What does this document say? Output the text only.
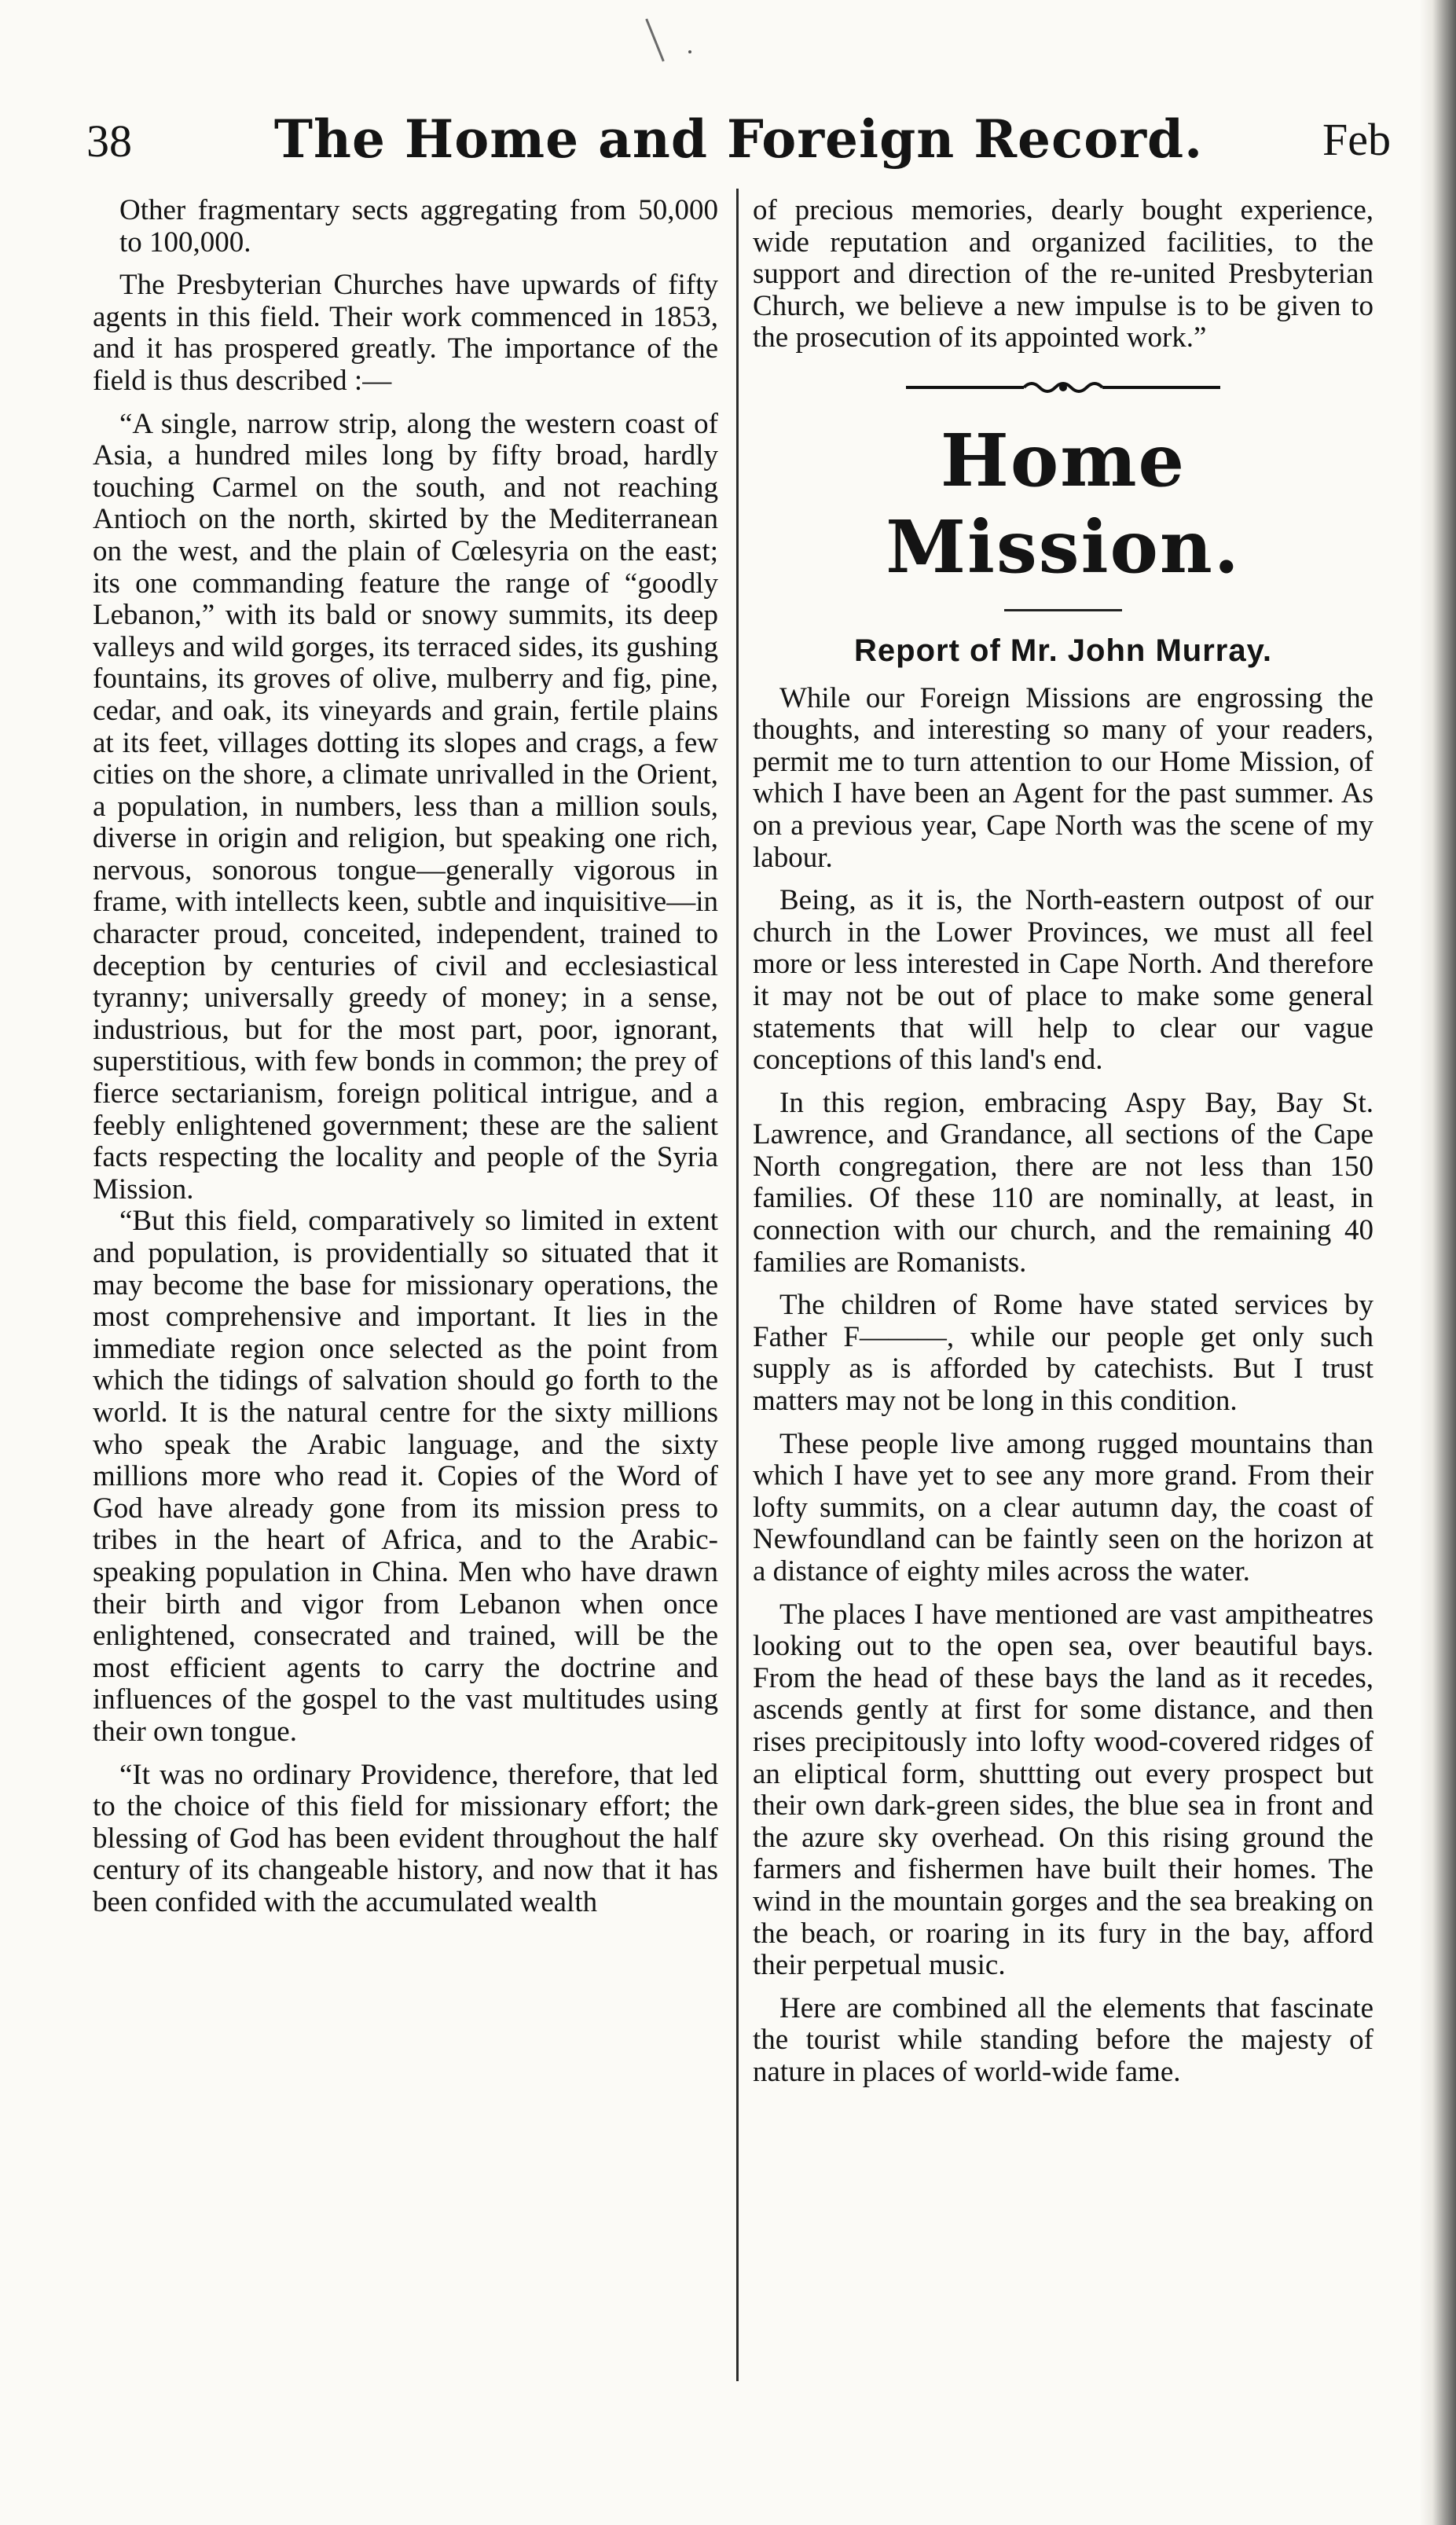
38	The Home and Foreign Record.	Feb

Other fragmentary sects aggregating from 50,000 to 100,000.

The Presbyterian Churches have upwards of fifty agents in this field. Their work commenced in 1853, and it has prospered greatly. The importance of the field is thus described :—

“A single, narrow strip, along the western coast of Asia, a hundred miles long by fifty broad, hardly touching Carmel on the south, and not reaching Antioch on the north, skirted by the Mediterranean on the west, and the plain of Cœlesyria on the east; its one commanding feature the range of “goodly Lebanon,” with its bald or snowy summits, its deep valleys and wild gorges, its terraced sides, its gushing fountains, its groves of olive, mulberry and fig, pine, cedar, and oak, its vineyards and grain, fertile plains at its feet, villages dotting its slopes and crags, a few cities on the shore, a climate unrivalled in the Orient, a population, in numbers, less than a million souls, diverse in origin and religion, but speaking one rich, nervous, sonorous tongue—generally vigorous in frame, with intellects keen, subtle and inquisitive—in character proud, conceited, independent, trained to deception by centuries of civil and ecclesiastical tyranny; universally greedy of money; in a sense, industrious, but for the most part, poor, ignorant, superstitious, with few bonds in common; the prey of fierce sectarianism, foreign political intrigue, and a feebly enlightened government; these are the salient facts respecting the locality and people of the Syria Mission.

“But this field, comparatively so limited in extent and population, is providentially so situated that it may become the base for missionary operations, the most comprehensive and important. It lies in the immediate region once selected as the point from which the tidings of salvation should go forth to the world. It is the natural centre for the sixty millions who speak the Arabic language, and the sixty millions more who read it. Copies of the Word of God have already gone from its mission press to tribes in the heart of Africa, and to the Arabic-speaking population in China. Men who have drawn their birth and vigor from Lebanon when once enlightened, consecrated and trained, will be the most efficient agents to carry the doctrine and influences of the gospel to the vast multitudes using their own tongue.

“It was no ordinary Providence, therefore, that led to the choice of this field for missionary effort; the blessing of God has been evident throughout the half century of its changeable history, and now that it has been confided with the accumulated wealth

of precious memories, dearly bought experience, wide reputation and organized facilities, to the support and direction of the re-united Presbyterian Church, we believe a new impulse is to be given to the prosecution of its appointed work.”

Home Mission.
Report of Mr. John Murray.

While our Foreign Missions are engrossing the thoughts, and interesting so many of your readers, permit me to turn attention to our Home Mission, of which I have been an Agent for the past summer. As on a previous year, Cape North was the scene of my labour.

Being, as it is, the North-eastern outpost of our church in the Lower Provinces, we must all feel more or less interested in Cape North. And therefore it may not be out of place to make some general statements that will help to clear our vague conceptions of this land's end.

In this region, embracing Aspy Bay, Bay St. Lawrence, and Grandance, all sections of the Cape North congregation, there are not less than 150 families. Of these 110 are nominally, at least, in connection with our church, and the remaining 40 families are Romanists.

The children of Rome have stated services by Father F———, while our people get only such supply as is afforded by catechists. But I trust matters may not be long in this condition.

These people live among rugged mountains than which I have yet to see any more grand. From their lofty summits, on a clear autumn day, the coast of Newfoundland can be faintly seen on the horizon at a distance of eighty miles across the water.

The places I have mentioned are vast ampitheatres looking out to the open sea, over beautiful bays. From the head of these bays the land as it recedes, ascends gently at first for some distance, and then rises precipitously into lofty wood-covered ridges of an eliptical form, shuttting out every prospect but their own dark-green sides, the blue sea in front and the azure sky overhead. On this rising ground the farmers and fishermen have built their homes. The wind in the mountain gorges and the sea breaking on the beach, or roaring in its fury in the bay, afford their perpetual music.

Here are combined all the elements that fascinate the tourist while standing before the majesty of nature in places of world-wide fame.
